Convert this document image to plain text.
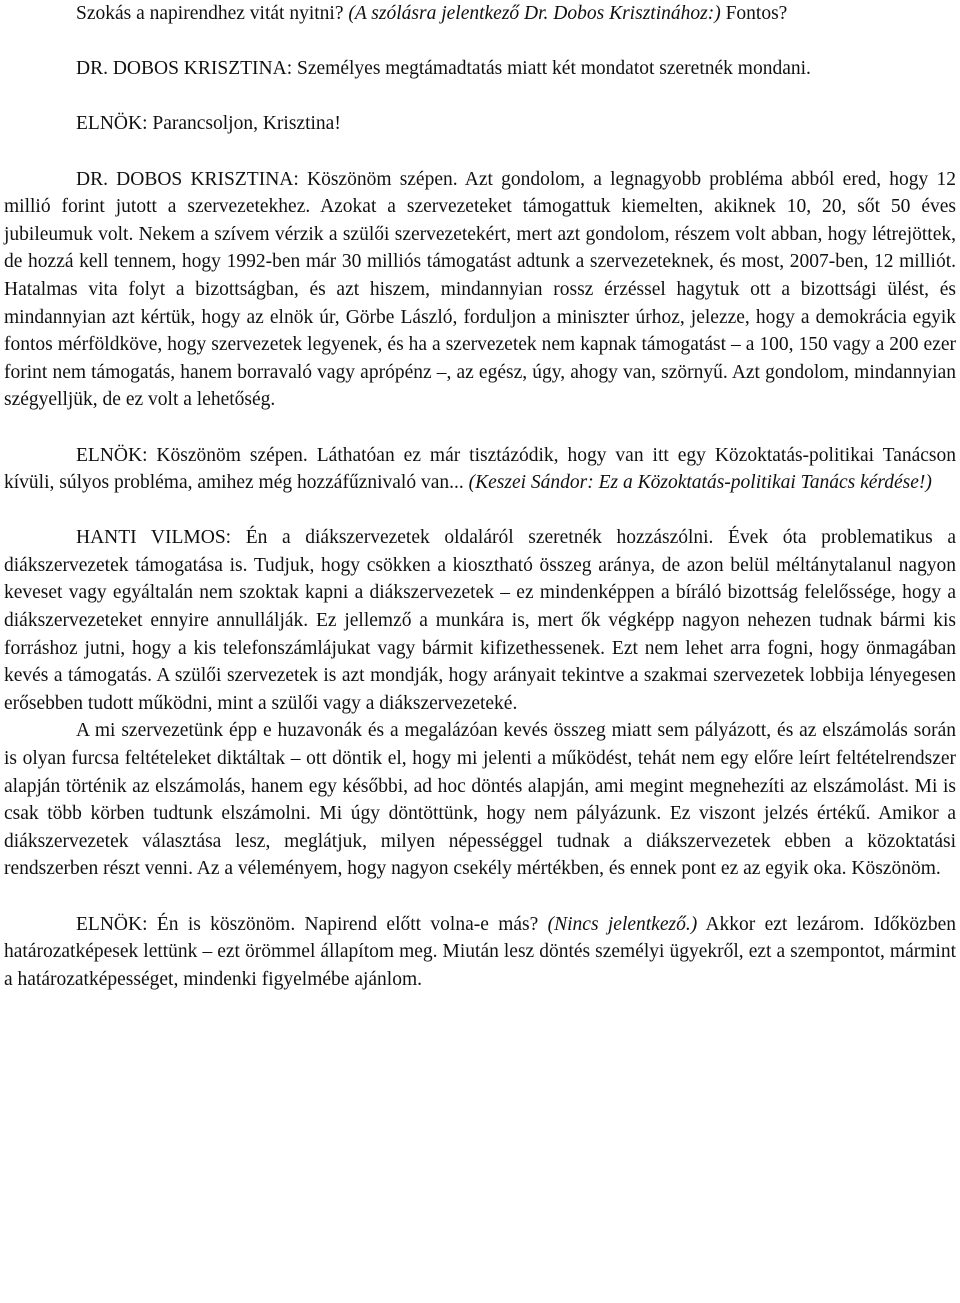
Szokás a napirendhez vitát nyitni? (A szólásra jelentkező Dr. Dobos Krisztinához:) Fontos?

DR. DOBOS KRISZTINA: Személyes megtámadtatás miatt két mondatot szeretnék mondani.

ELNÖK: Parancsoljon, Krisztina!

DR. DOBOS KRISZTINA: Köszönöm szépen. Azt gondolom, a legnagyobb probléma abból ered, hogy 12 millió forint jutott a szervezetekhez. Azokat a szervezeteket támogattuk kiemelten, akiknek 10, 20, sőt 50 éves jubileumuk volt. Nekem a szívem vérzik a szülői szervezetekért, mert azt gondolom, részem volt abban, hogy létrejöttek, de hozzá kell tennem, hogy 1992-ben már 30 milliós támogatást adtunk a szervezeteknek, és most, 2007-ben, 12 milliót. Hatalmas vita folyt a bizottságban, és azt hiszem, mindannyian rossz érzéssel hagytuk ott a bizottsági ülést, és mindannyian azt kértük, hogy az elnök úr, Görbe László, forduljon a miniszter úrhoz, jelezze, hogy a demokrácia egyik fontos mérföldköve, hogy szervezetek legyenek, és ha a szervezetek nem kapnak támogatást – a 100, 150 vagy a 200 ezer forint nem támogatás, hanem borravaló vagy aprópénz –, az egész, úgy, ahogy van, szörnyű. Azt gondolom, mindannyian szégyelljük, de ez volt a lehetőség.

ELNÖK: Köszönöm szépen. Láthatóan ez már tisztázódik, hogy van itt egy Közoktatás-politikai Tanácson kívüli, súlyos probléma, amihez még hozzáfűznivaló van... (Keszei Sándor: Ez a Közoktatás-politikai Tanács kérdése!)

HANTI VILMOS: Én a diákszervezetek oldaláról szeretnék hozzászólni. Évek óta problematikus a diákszervezetek támogatása is. Tudjuk, hogy csökken a kiosztható összeg aránya, de azon belül méltánytalanul nagyon keveset vagy egyáltalán nem szoktak kapni a diákszervezetek – ez mindenképpen a bíráló bizottság felelőssége, hogy a diákszervezeteket ennyire annullálják. Ez jellemző a munkára is, mert ők végképp nagyon nehezen tudnak bármi kis forráshoz jutni, hogy a kis telefonszámlájukat vagy bármit kifizethessenek. Ezt nem lehet arra fogni, hogy önmagában kevés a támogatás. A szülői szervezetek is azt mondják, hogy arányait tekintve a szakmai szervezetek lobbija lényegesen erősebben tudott működni, mint a szülői vagy a diákszervezeteké.

A mi szervezetünk épp e huzavonák és a megalázóan kevés összeg miatt sem pályázott, és az elszámolás során is olyan furcsa feltételeket diktáltak – ott döntik el, hogy mi jelenti a működést, tehát nem egy előre leírt feltételrendszer alapján történik az elszámolás, hanem egy későbbi, ad hoc döntés alapján, ami megint megnehezíti az elszámolást. Mi is csak több körben tudtunk elszámolni. Mi úgy döntöttünk, hogy nem pályázunk. Ez viszont jelzés értékű. Amikor a diákszervezetek választása lesz, meglátjuk, milyen népességgel tudnak a diákszervezetek ebben a közoktatási rendszerben részt venni. Az a véleményem, hogy nagyon csekély mértékben, és ennek pont ez az egyik oka. Köszönöm.

ELNÖK: Én is köszönöm. Napirend előtt volna-e más? (Nincs jelentkező.) Akkor ezt lezárom. Időközben határozatképesek lettünk – ezt örömmel állapítom meg. Miután lesz döntés személyi ügyekről, ezt a szempontot, mármint a határozatképességet, mindenki figyelmébe ajánlom.
